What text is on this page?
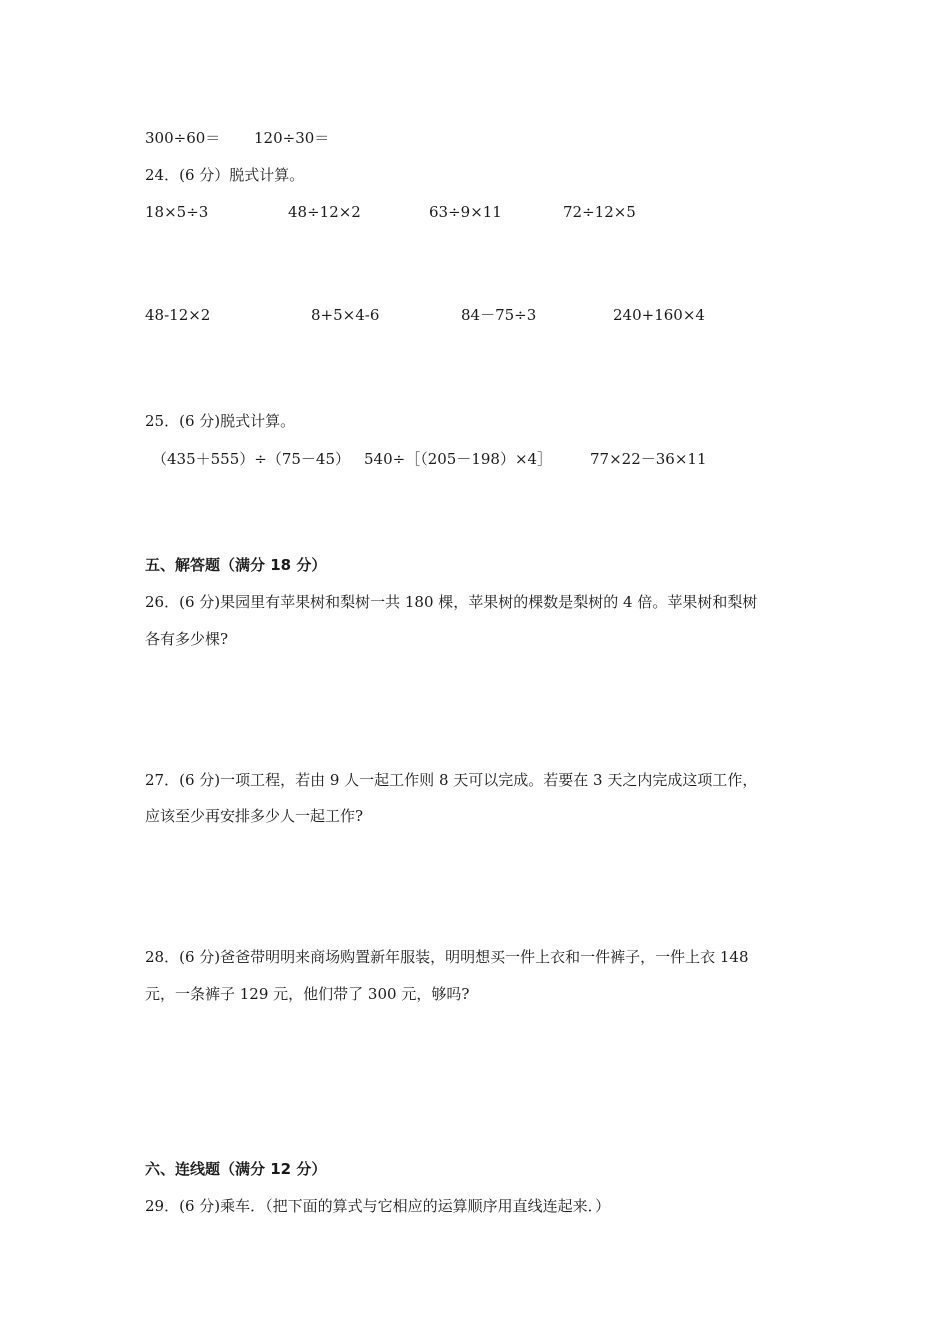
300÷60＝ 120÷30＝
24．(6 分）脱式计算。
18×5÷3	48÷12×2	63÷9×11	72÷12×5
48-12×2	8+5×4-6	84－75÷3	240+160×4
25．(6 分)脱式计算。
（435＋555）÷（75－45） 540÷［（205－198）×4］	77×22－36×11
五、解答题（满分 18 分）
26．(6 分)果园里有苹果树和梨树一共 180 棵，苹果树的棵数是梨树的 4 倍。苹果树和梨树
各有多少棵?
27．(6 分)一项工程，若由 9 人一起工作则 8 天可以完成。若要在 3 天之内完成这项工作，
应该至少再安排多少人一起工作?
28．(6 分)爸爸带明明来商场购置新年服装，明明想买一件上衣和一件裤子，一件上衣 148
元，一条裤子 129 元，他们带了 300 元，够吗?
六、连线题（满分 12 分）
29．(6 分)乘车．（把下面的算式与它相应的运算顺序用直线连起来．）
